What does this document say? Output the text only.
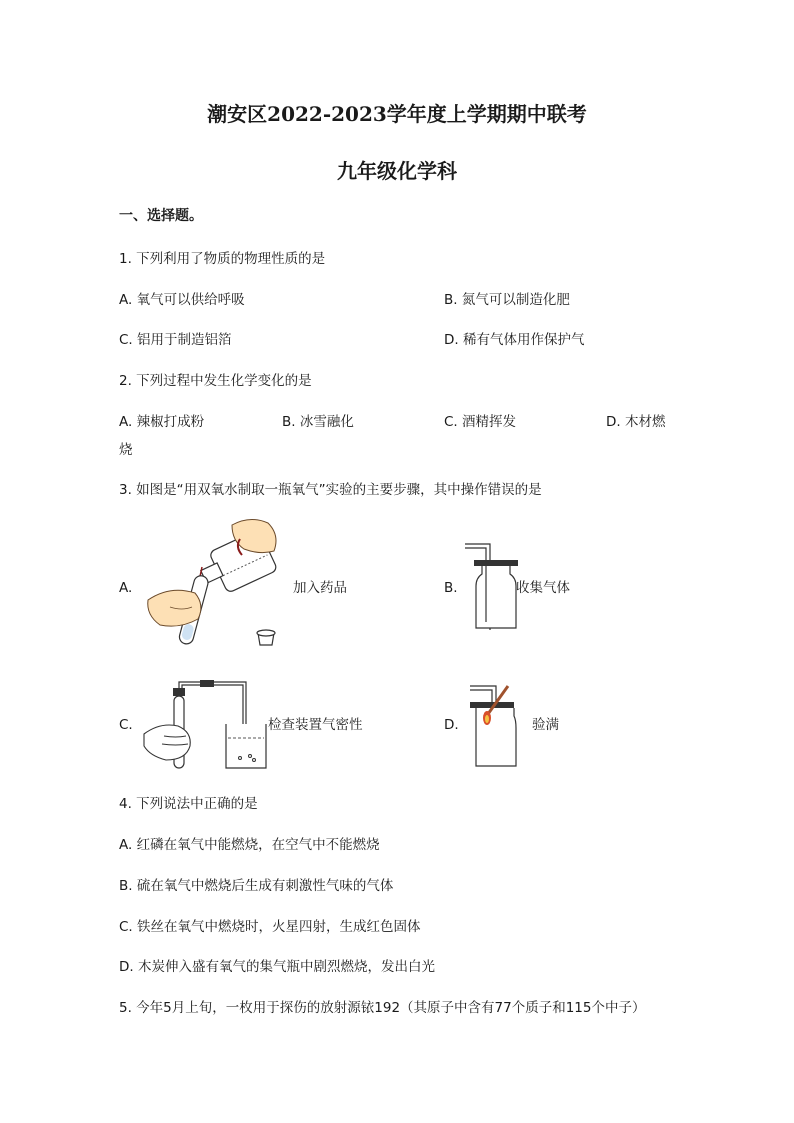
潮安区2022-2023学年度上学期期中联考
九年级化学科
一、选择题。
1. 下列利用了物质的物理性质的是
A. 氧气可以供给呼吸	B. 氮气可以制造化肥
C. 铝用于制造铝箔	D. 稀有气体用作保护气
2. 下列过程中发生化学变化的是
A. 辣椒打成粉	B. 冰雪融化	C. 酒精挥发	D. 木材燃
烧
3. 如图是“用双氧水制取一瓶氧气”实验的主要步骤，其中操作错误的是
A.	加入药品	B.	收集气体
C.	检查装置气密性	D.	验满
4. 下列说法中正确的是
A. 红磷在氧气中能燃烧，在空气中不能燃烧
B. 硫在氧气中燃烧后生成有刺激性气味的气体
C. 铁丝在氧气中燃烧时，火星四射，生成红色固体
D. 木炭伸入盛有氧气的集气瓶中剧烈燃烧，发出白光
5. 今年5月上旬，一枚用于探伤的放射源铱192（其原子中含有77个质子和115个中子）
